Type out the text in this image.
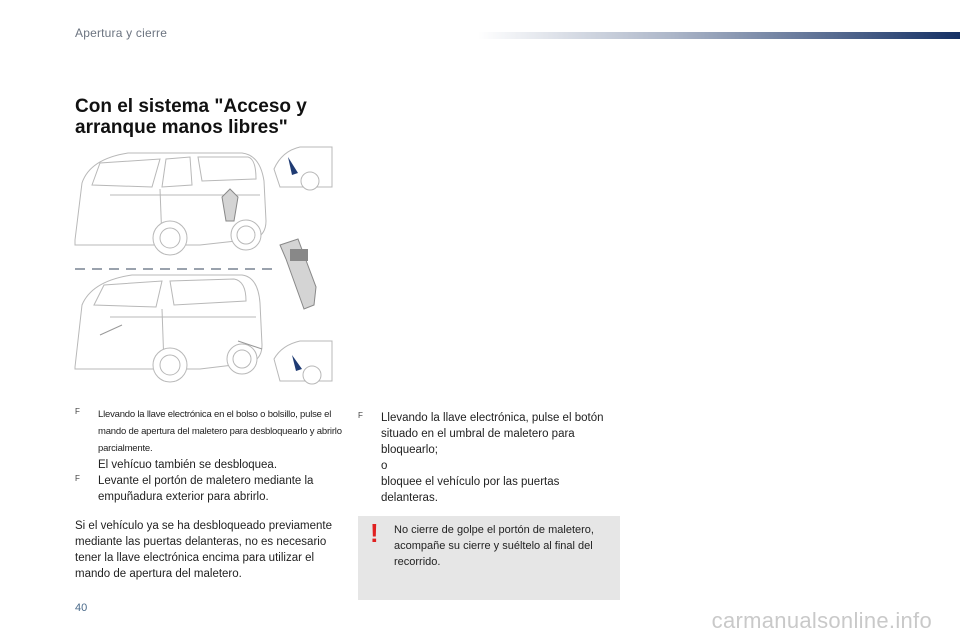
Apertura y cierre
Con el sistema "Acceso y arranque manos libres"
F Llevando la llave electrónica en el bolso o bolsillo, pulse el mando de apertura del maletero para desbloquearlo y abrirlo parcialmente.
El vehícuo también se desbloquea.
F Levante el portón de maletero mediante la empuñadura exterior para abrirlo.
Si el vehículo ya se ha desbloqueado previamente mediante las puertas delanteras, no es necesario tener la llave electrónica encima para utilizar el mando de apertura del maletero.
F Llevando la llave electrónica, pulse el botón situado en el umbral de maletero para bloquearlo;
o
bloquee el vehículo por las puertas delanteras.
! No cierre de golpe el portón de maletero, acompañe su cierre y suéltelo al final del recorrido.
40	carmanualsonline.info
